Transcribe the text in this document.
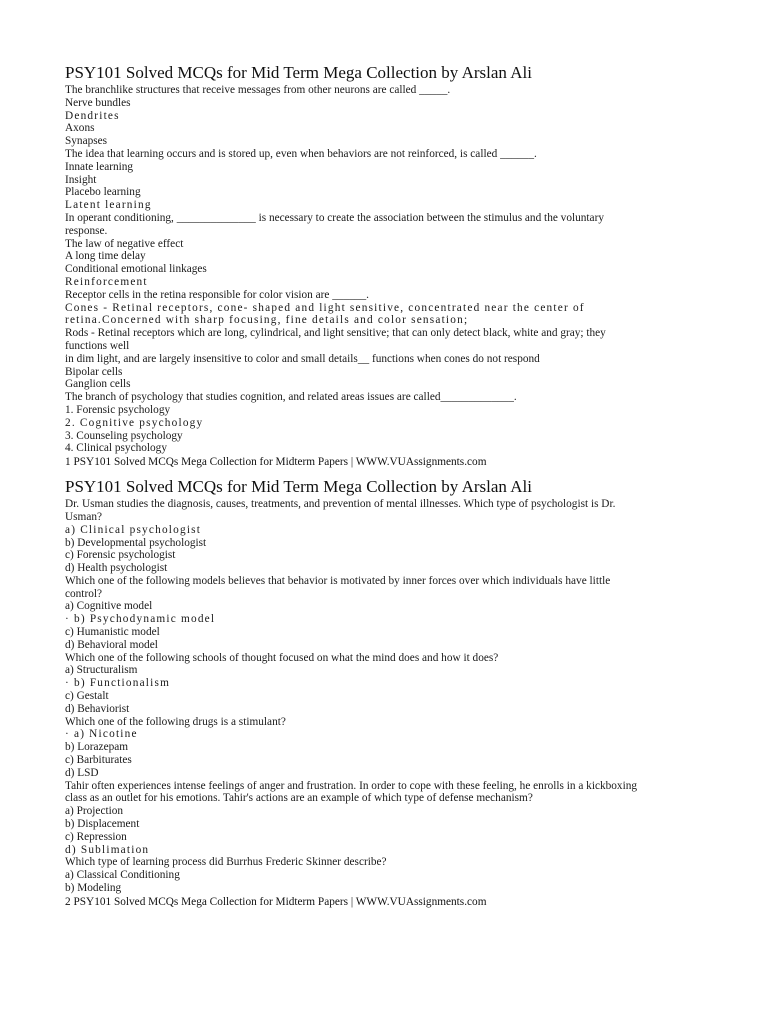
PSY101 Solved MCQs for Mid Term Mega Collection by Arslan Ali

The branchlike structures that receive messages from other neurons are called _____.

Nerve bundles

Dendrites

Axons

Synapses

The idea that learning occurs and is stored up, even when behaviors are not reinforced, is called ______.

Innate learning

Insight

Placebo learning

Latent learning

In operant conditioning, ______________ is necessary to create the association between the stimulus and the voluntary response.

The law of negative effect

A long time delay

Conditional emotional linkages

Reinforcement

Receptor cells in the retina responsible for color vision are ______.

Cones - Retinal receptors, cone- shaped and light sensitive, concentrated near the center of retina.Concerned with sharp focusing, fine details and color sensation;

Rods - Retinal receptors which are long, cylindrical, and light sensitive; that can only detect black, white and gray; they functions well

in dim light, and are largely insensitive to color and small details__ functions when cones do not respond

Bipolar cells

Ganglion cells

The branch of psychology that studies cognition, and related areas issues are called_____________.

1. Forensic psychology

2. Cognitive psychology

3. Counseling psychology

4. Clinical psychology

1 PSY101 Solved MCQs Mega Collection for Midterm Papers | WWW.VUAssignments.com

PSY101 Solved MCQs for Mid Term Mega Collection by Arslan Ali

Dr. Usman studies the diagnosis, causes, treatments, and prevention of mental illnesses. Which type of psychologist is Dr. Usman?

a) Clinical psychologist

b) Developmental psychologist

c) Forensic psychologist

d) Health psychologist

Which one of the following models believes that behavior is motivated by inner forces over which individuals have little control?

a) Cognitive model

· b) Psychodynamic model

c) Humanistic model

d) Behavioral model

Which one of the following schools of thought focused on what the mind does and how it does?

a) Structuralism

· b) Functionalism

c) Gestalt

d) Behaviorist

Which one of the following drugs is a stimulant?

· a) Nicotine

b) Lorazepam

c) Barbiturates

d) LSD

Tahir often experiences intense feelings of anger and frustration. In order to cope with these feeling, he enrolls in a kickboxing class as an outlet for his emotions. Tahir's actions are an example of which type of defense mechanism?

a) Projection

b) Displacement

c) Repression

d) Sublimation

Which type of learning process did Burrhus Frederic Skinner describe?

a) Classical Conditioning

b) Modeling

2 PSY101 Solved MCQs Mega Collection for Midterm Papers | WWW.VUAssignments.com
